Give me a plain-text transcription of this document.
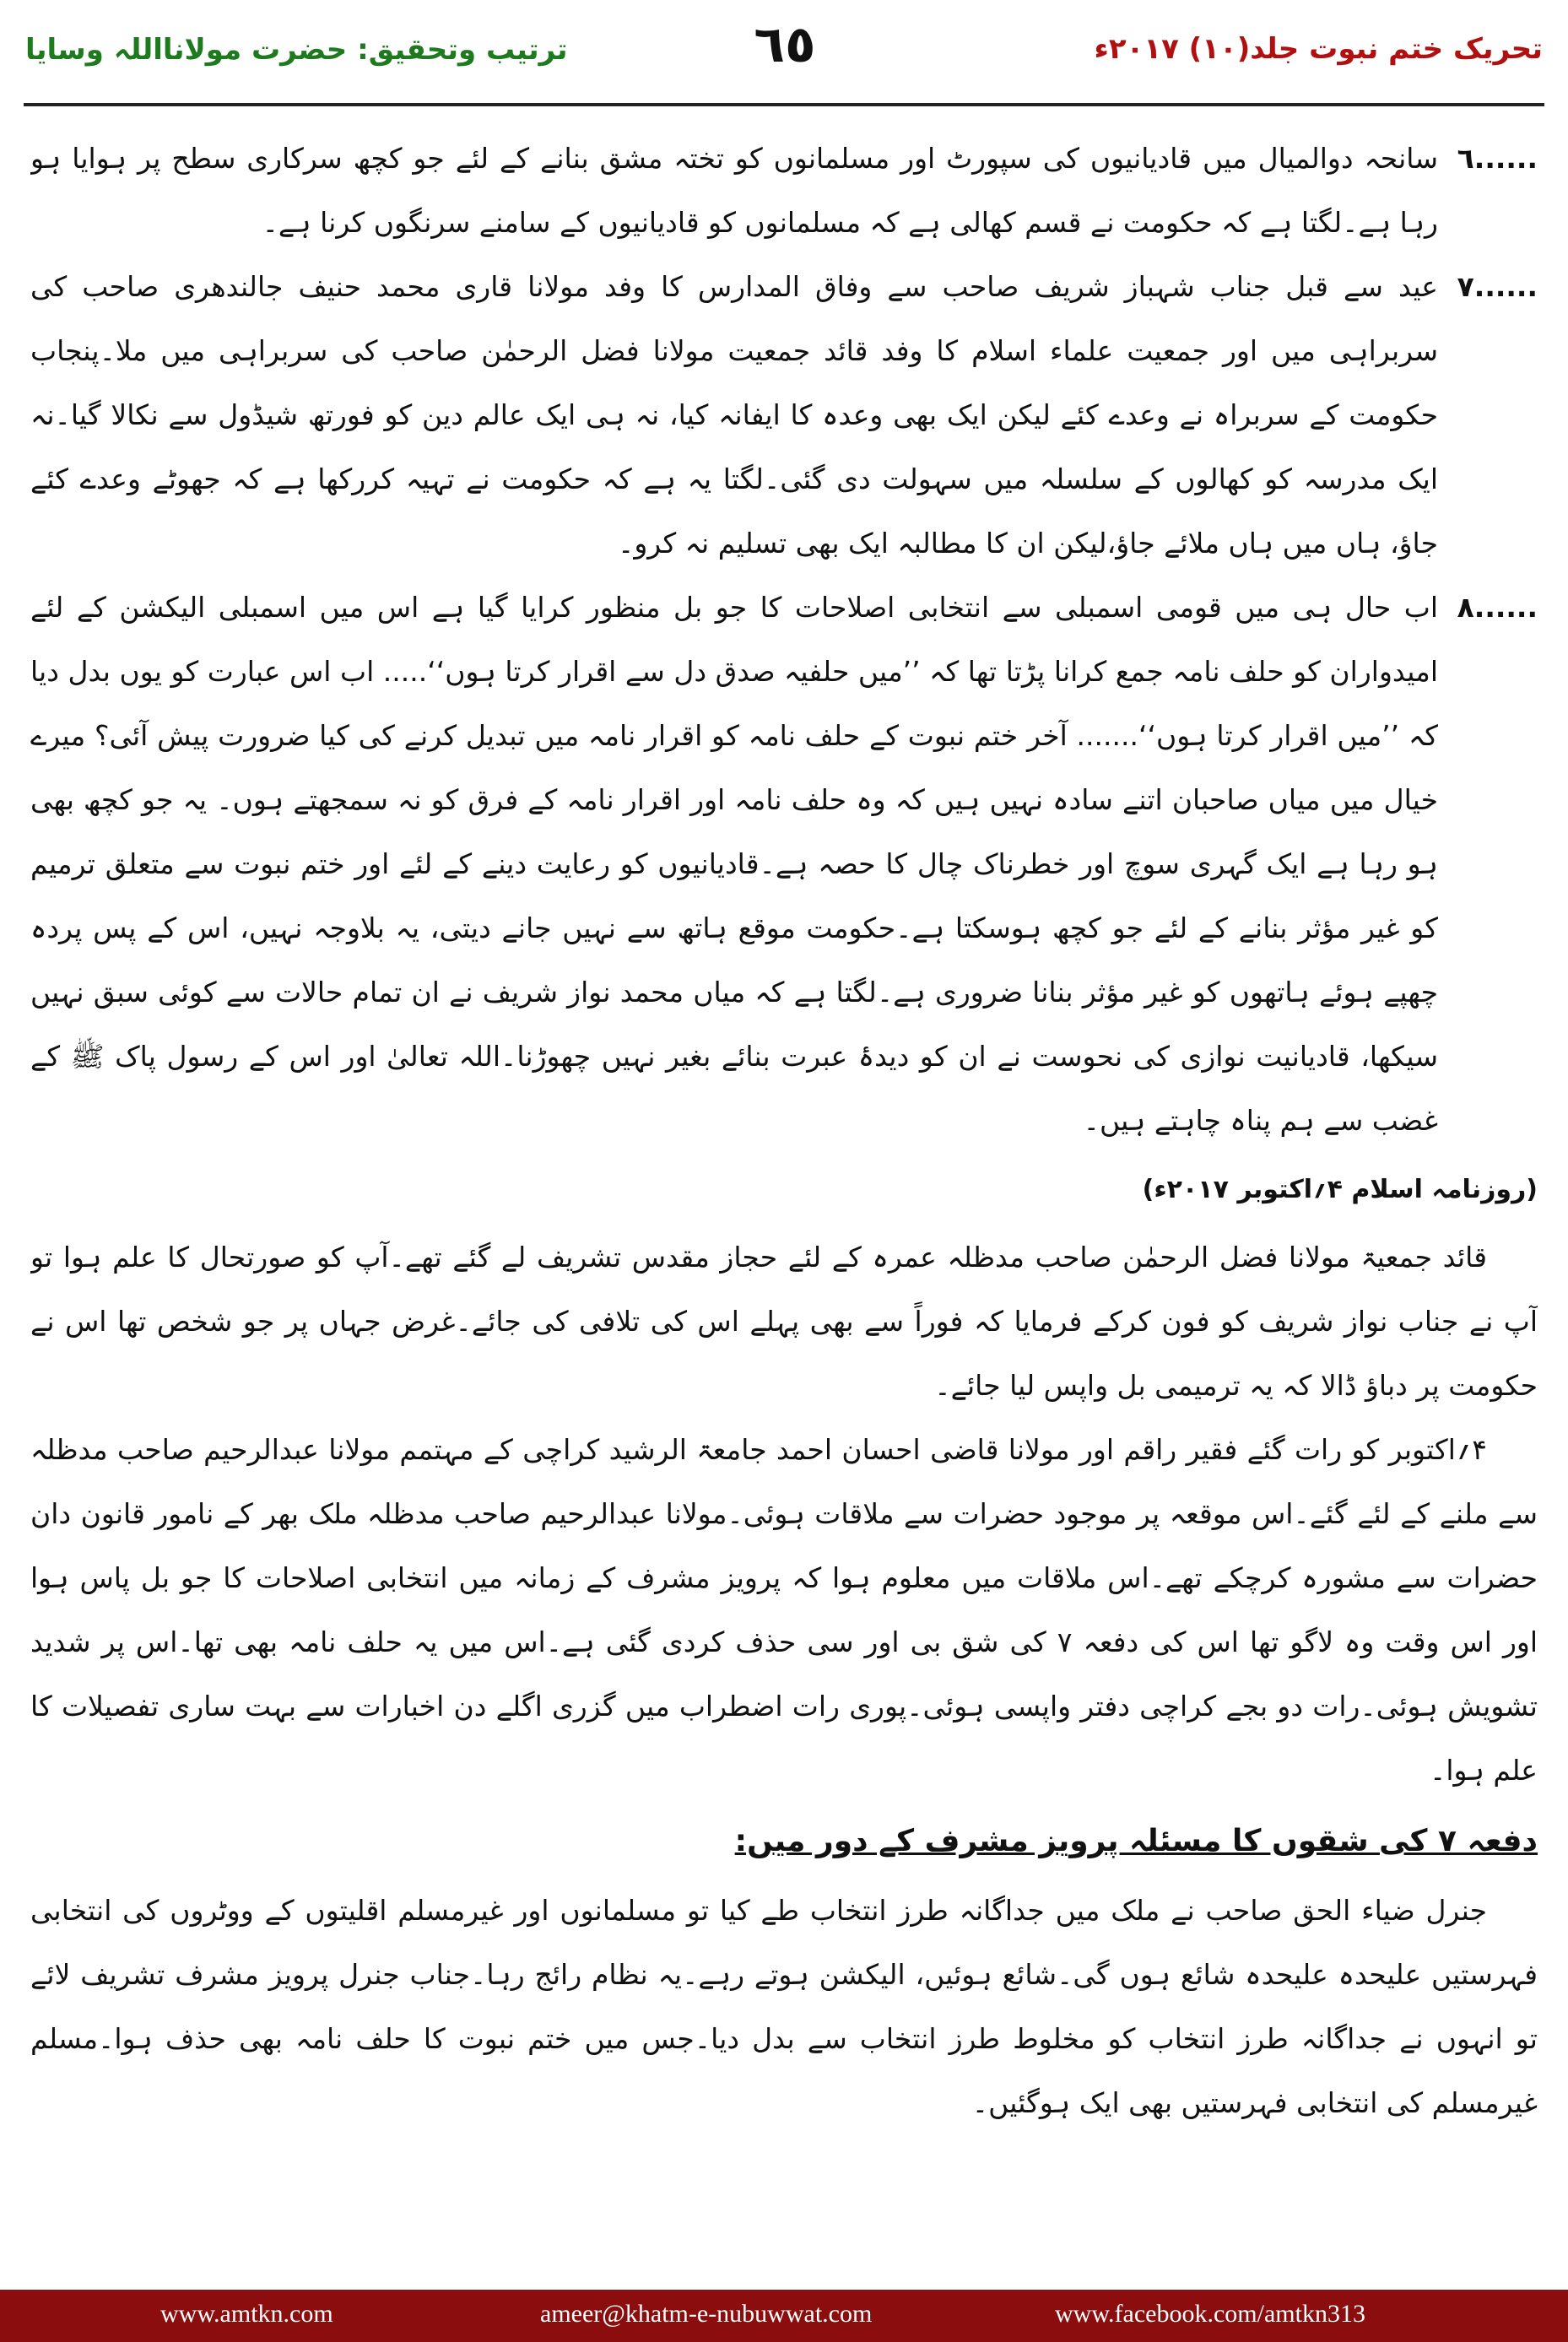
ترتیب وتحقیق: حضرت مولانااللہ وسایا	٦٥	تحریک ختم نبوت جلد(۱۰) ۲۰۱۷ء
٦......

سانحہ دوالمیال میں قادیانیوں کی سپورٹ اور مسلمانوں کو تختہ مشق بنانے کے لئے جو کچھ سرکاری سطح پر ہوایا ہو رہا ہے۔لگتا ہے کہ حکومت نے قسم کھالی ہے کہ مسلمانوں کو قادیانیوں کے سامنے سرنگوں کرنا ہے۔

٧......

عید سے قبل جناب شہباز شریف صاحب سے وفاق المدارس کا وفد مولانا قاری محمد حنیف جالندھری صاحب کی سربراہی میں اور جمعیت علماء اسلام کا وفد قائد جمعیت مولانا فضل الرحمٰن صاحب کی سربراہی میں ملا۔پنجاب حکومت کے سربراہ نے وعدے کئے لیکن ایک بھی وعدہ کا ایفانہ کیا، نہ ہی ایک عالم دین کو فورتھ شیڈول سے نکالا گیا۔نہ ایک مدرسہ کو کھالوں کے سلسلہ میں سہولت دی گئی۔لگتا یہ ہے کہ حکومت نے تہیہ کررکھا ہے کہ جھوٹے وعدے کئے جاؤ، ہاں میں ہاں ملائے جاؤ،لیکن ان کا مطالبہ ایک بھی تسلیم نہ کرو۔

٨......

اب حال ہی میں قومی اسمبلی سے انتخابی اصلاحات کا جو بل منظور کرایا گیا ہے اس میں اسمبلی الیکشن کے لئے امیدواران کو حلف نامہ جمع کرانا پڑتا تھا کہ ’’میں حلفیہ صدق دل سے اقرار کرتا ہوں‘‘..... اب اس عبارت کو یوں بدل دیا کہ ’’میں اقرار کرتا ہوں‘‘....... آخر ختم نبوت کے حلف نامہ کو اقرار نامہ میں تبدیل کرنے کی کیا ضرورت پیش آئی؟ میرے خیال میں میاں صاحبان اتنے سادہ نہیں ہیں کہ وہ حلف نامہ اور اقرار نامہ کے فرق کو نہ سمجھتے ہوں۔ یہ جو کچھ بھی ہو رہا ہے ایک گہری سوچ اور خطرناک چال کا حصہ ہے۔قادیانیوں کو رعایت دینے کے لئے اور ختم نبوت سے متعلق ترمیم کو غیر مؤثر بنانے کے لئے جو کچھ ہوسکتا ہے۔حکومت موقع ہاتھ سے نہیں جانے دیتی، یہ بلاوجہ نہیں، اس کے پس پردہ چھپے ہوئے ہاتھوں کو غیر مؤثر بنانا ضروری ہے۔لگتا ہے کہ میاں محمد نواز شریف نے ان تمام حالات سے کوئی سبق نہیں سیکھا، قادیانیت نوازی کی نحوست نے ان کو دیدۂ عبرت بنائے بغیر نہیں چھوڑنا۔اللہ تعالیٰ اور اس کے رسول پاک ﷺ کے غضب سے ہم پناہ چاہتے ہیں۔

(روزنامہ اسلام ۴؍اکتوبر ۲۰۱۷ء)

قائد جمعیۃ مولانا فضل الرحمٰن صاحب مدظلہ عمرہ کے لئے حجاز مقدس تشریف لے گئے تھے۔آپ کو صورتحال کا علم ہوا تو آپ نے جناب نواز شریف کو فون کرکے فرمایا کہ فوراً سے بھی پہلے اس کی تلافی کی جائے۔غرض جہاں پر جو شخص تھا اس نے حکومت پر دباؤ ڈالا کہ یہ ترمیمی بل واپس لیا جائے۔

۴؍اکتوبر کو رات گئے فقیر راقم اور مولانا قاضی احسان احمد جامعۃ الرشید کراچی کے مہتمم مولانا عبدالرحیم صاحب مدظلہ سے ملنے کے لئے گئے۔اس موقعہ پر موجود حضرات سے ملاقات ہوئی۔مولانا عبدالرحیم صاحب مدظلہ ملک بھر کے نامور قانون دان حضرات سے مشورہ کرچکے تھے۔اس ملاقات میں معلوم ہوا کہ پرویز مشرف کے زمانہ میں انتخابی اصلاحات کا جو بل پاس ہوا اور اس وقت وہ لاگو تھا اس کی دفعہ ۷ کی شق بی اور سی حذف کردی گئی ہے۔اس میں یہ حلف نامہ بھی تھا۔اس پر شدید تشویش ہوئی۔رات دو بجے کراچی دفتر واپسی ہوئی۔پوری رات اضطراب میں گزری اگلے دن اخبارات سے بہت ساری تفصیلات کا علم ہوا۔

دفعہ ۷ کی شقوں کا مسئلہ پرویز مشرف کے دور میں:

جنرل ضیاء الحق صاحب نے ملک میں جداگانہ طرز انتخاب طے کیا تو مسلمانوں اور غیرمسلم اقلیتوں کے ووٹروں کی انتخابی فہرستیں علیحدہ علیحدہ شائع ہوں گی۔شائع ہوئیں، الیکشن ہوتے رہے۔یہ نظام رائج رہا۔جناب جنرل پرویز مشرف تشریف لائے تو انہوں نے جداگانہ طرز انتخاب کو مخلوط طرز انتخاب سے بدل دیا۔جس میں ختم نبوت کا حلف نامہ بھی حذف ہوا۔مسلم غیرمسلم کی انتخابی فہرستیں بھی ایک ہوگئیں۔

www.amtkn.com	ameer@khatm-e-nubuwwat.com	www.facebook.com/amtkn313
